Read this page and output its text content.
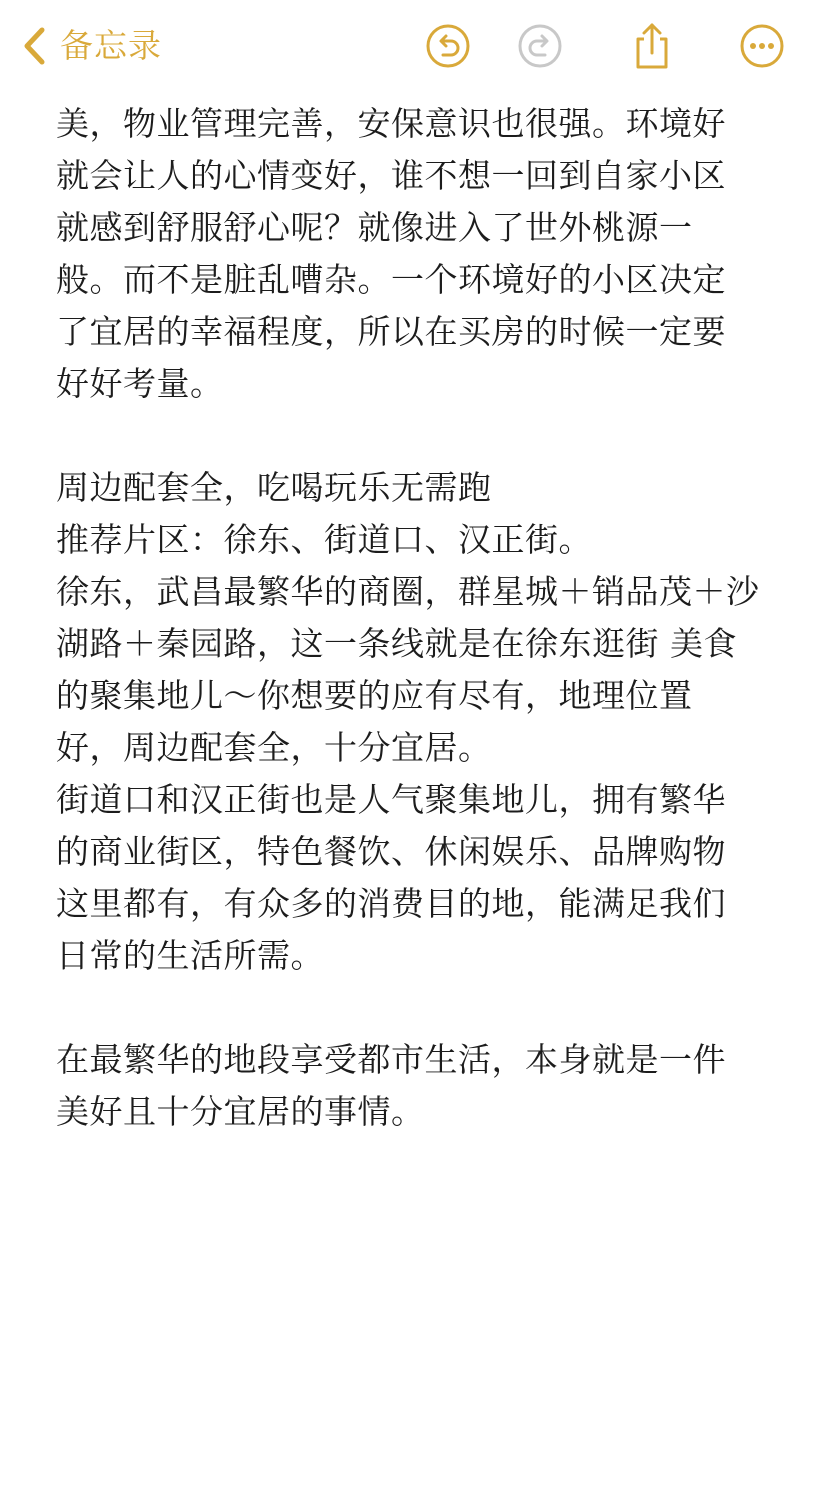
备忘录
美，物业管理完善，安保意识也很强。环境好
就会让人的心情变好，谁不想一回到自家小区
就感到舒服舒心呢？就像进入了世外桃源一
般。而不是脏乱嘈杂。一个环境好的小区决定
了宜居的幸福程度，所以在买房的时候一定要
好好考量。
周边配套全，吃喝玩乐无需跑
推荐片区：徐东、街道口、汉正街。
徐东，武昌最繁华的商圈，群星城＋销品茂＋沙
湖路＋秦园路，这一条线就是在徐东逛街 美食
的聚集地儿～你想要的应有尽有，地理位置
好，周边配套全，十分宜居。
街道口和汉正街也是人气聚集地儿，拥有繁华
的商业街区，特色餐饮、休闲娱乐、品牌购物
这里都有，有众多的消费目的地，能满足我们
日常的生活所需。
在最繁华的地段享受都市生活，本身就是一件
美好且十分宜居的事情。
